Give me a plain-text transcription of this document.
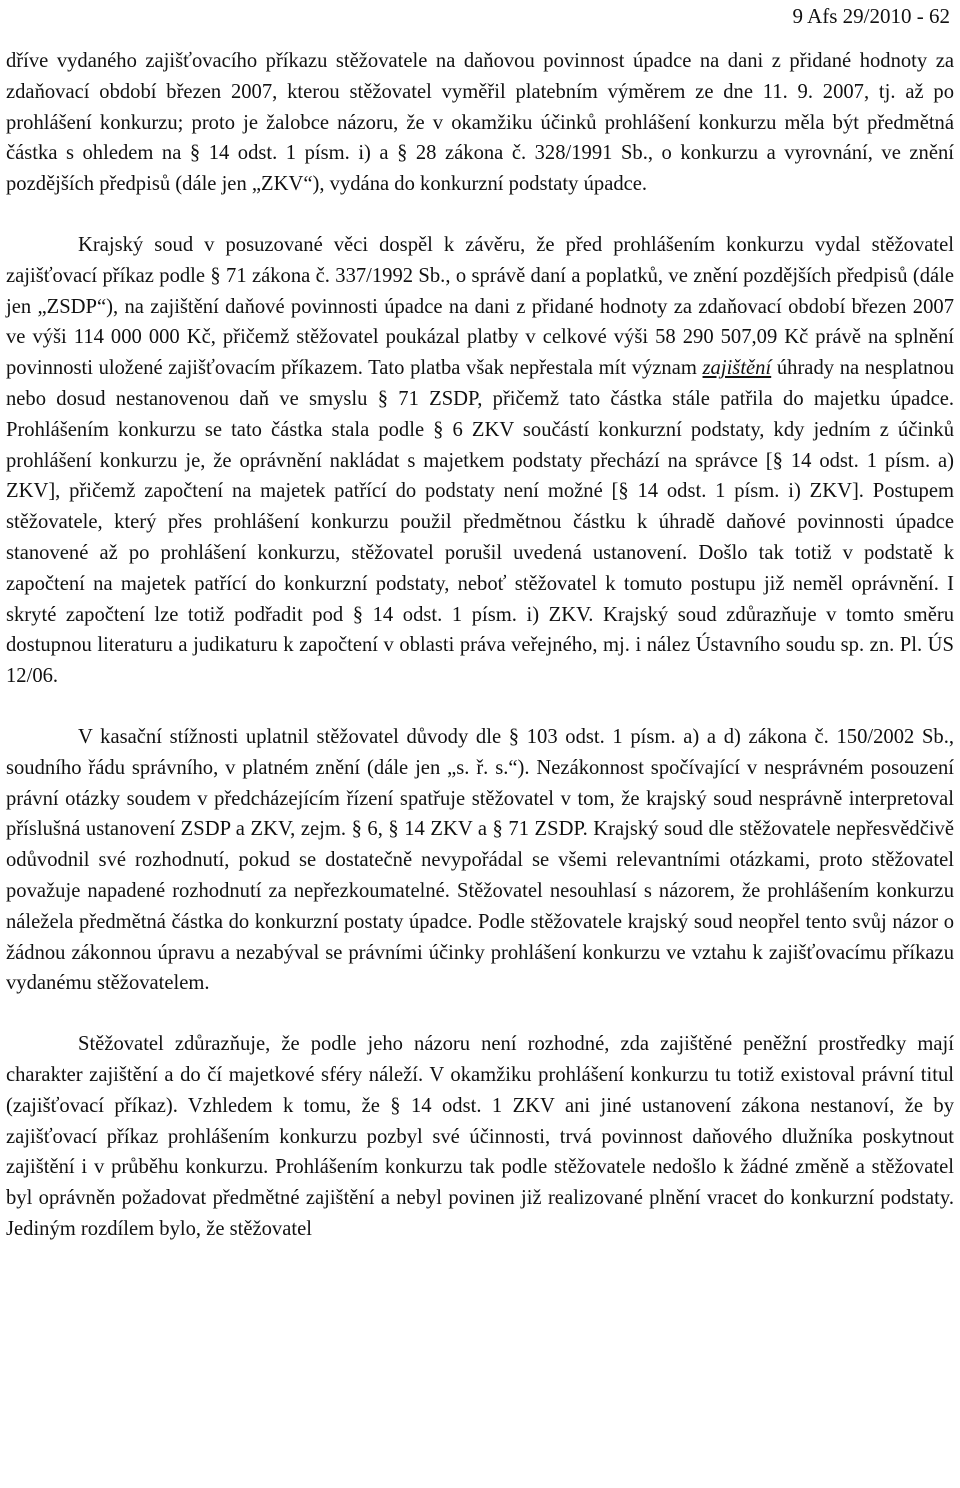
9 Afs 29/2010 - 62

dříve vydaného zajišťovacího příkazu stěžovatele na daňovou povinnost úpadce na dani z přidané hodnoty za zdaňovací období březen 2007, kterou stěžovatel vyměřil platebním výměrem ze dne 11. 9. 2007, tj. až po prohlášení konkurzu; proto je žalobce názoru, že v okamžiku účinků prohlášení konkurzu měla být předmětná částka s ohledem na § 14 odst. 1 písm. i) a § 28 zákona č. 328/1991 Sb., o konkurzu a vyrovnání, ve znění pozdějších předpisů (dále jen „ZKV“), vydána do konkurzní podstaty úpadce.

Krajský soud v posuzované věci dospěl k závěru, že před prohlášením konkurzu vydal stěžovatel zajišťovací příkaz podle § 71 zákona č. 337/1992 Sb., o správě daní a poplatků, ve znění pozdějších předpisů (dále jen „ZSDP“), na zajištění daňové povinnosti úpadce na dani z přidané hodnoty za zdaňovací období březen 2007 ve výši 114 000 000 Kč, přičemž stěžovatel poukázal platby v celkové výši 58 290 507,09 Kč právě na splnění povinnosti uložené zajišťovacím příkazem. Tato platba však nepřestala mít význam zajištění úhrady na nesplatnou nebo dosud nestanovenou daň ve smyslu § 71 ZSDP, přičemž tato částka stále patřila do majetku úpadce. Prohlášením konkurzu se tato částka stala podle § 6 ZKV součástí konkurzní podstaty, kdy jedním z účinků prohlášení konkurzu je, že oprávnění nakládat s majetkem podstaty přechází na správce [§ 14 odst. 1 písm. a) ZKV], přičemž započtení na majetek patřící do podstaty není možné [§ 14 odst. 1 písm. i) ZKV]. Postupem stěžovatele, který přes prohlášení konkurzu použil předmětnou částku k úhradě daňové povinnosti úpadce stanovené až po prohlášení konkurzu, stěžovatel porušil uvedená ustanovení. Došlo tak totiž v podstatě k započtení na majetek patřící do konkurzní podstaty, neboť stěžovatel k tomuto postupu již neměl oprávnění. I skryté započtení lze totiž podřadit pod § 14 odst. 1 písm. i) ZKV. Krajský soud zdůrazňuje v tomto směru dostupnou literaturu a judikaturu k započtení v oblasti práva veřejného, mj. i nález Ústavního soudu sp. zn. Pl. ÚS 12/06.

V kasační stížnosti uplatnil stěžovatel důvody dle § 103 odst. 1 písm. a) a d) zákona č. 150/2002 Sb., soudního řádu správního, v platném znění (dále jen „s. ř. s.“). Nezákonnost spočívající v nesprávném posouzení právní otázky soudem v předcházejícím řízení spatřuje stěžovatel v tom, že krajský soud nesprávně interpretoval příslušná ustanovení ZSDP a ZKV, zejm. § 6, § 14 ZKV a § 71 ZSDP. Krajský soud dle stěžovatele nepřesvědčivě odůvodnil své rozhodnutí, pokud se dostatečně nevypořádal se všemi relevantními otázkami, proto stěžovatel považuje napadené rozhodnutí za nepřezkoumatelné. Stěžovatel nesouhlasí s názorem, že prohlášením konkurzu náležela předmětná částka do konkurzní postaty úpadce. Podle stěžovatele krajský soud neopřel tento svůj názor o žádnou zákonnou úpravu a nezabýval se právními účinky prohlášení konkurzu ve vztahu k zajišťovacímu příkazu vydanému stěžovatelem.

Stěžovatel zdůrazňuje, že podle jeho názoru není rozhodné, zda zajištěné peněžní prostředky mají charakter zajištění a do čí majetkové sféry náleží. V okamžiku prohlášení konkurzu tu totiž existoval právní titul (zajišťovací příkaz). Vzhledem k tomu, že § 14 odst. 1 ZKV ani jiné ustanovení zákona nestanoví, že by zajišťovací příkaz prohlášením konkurzu pozbyl své účinnosti, trvá povinnost daňového dlužníka poskytnout zajištění i v průběhu konkurzu. Prohlášením konkurzu tak podle stěžovatele nedošlo k žádné změně a stěžovatel byl oprávněn požadovat předmětné zajištění a nebyl povinen již realizované plnění vracet do konkurzní podstaty. Jediným rozdílem bylo, že stěžovatel
